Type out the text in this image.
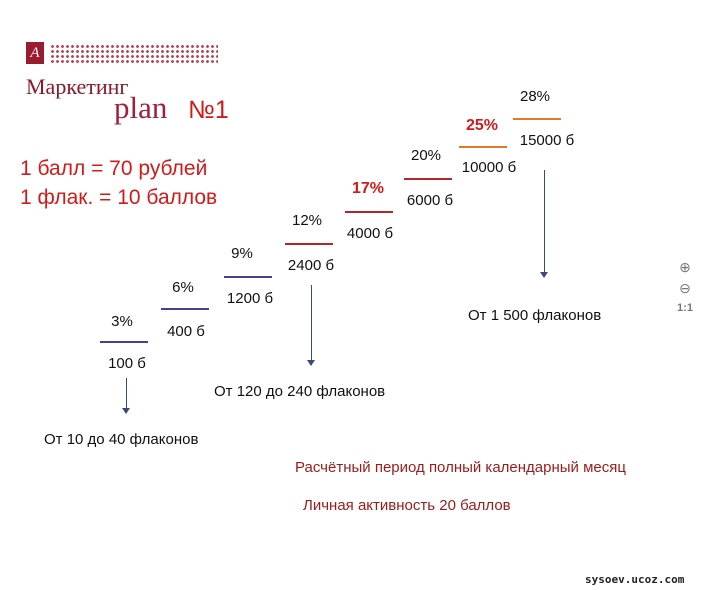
А
Маркетинг
plan №1
1 балл = 70 рублей
1 флак. = 10 баллов
3%
100 б
6%
400 б
9%
1200 б
12%
2400 б
17%
4000 б
20%
6000 б
25%
10000 б
28%
15000 б
От 10 до 40 флаконов
От 120 до 240 флаконов
От 1 500 флаконов
Расчётный период полный календарный месяц
Личная активность 20 баллов
⊕
⊖
1:1
sysoev.ucoz.com
